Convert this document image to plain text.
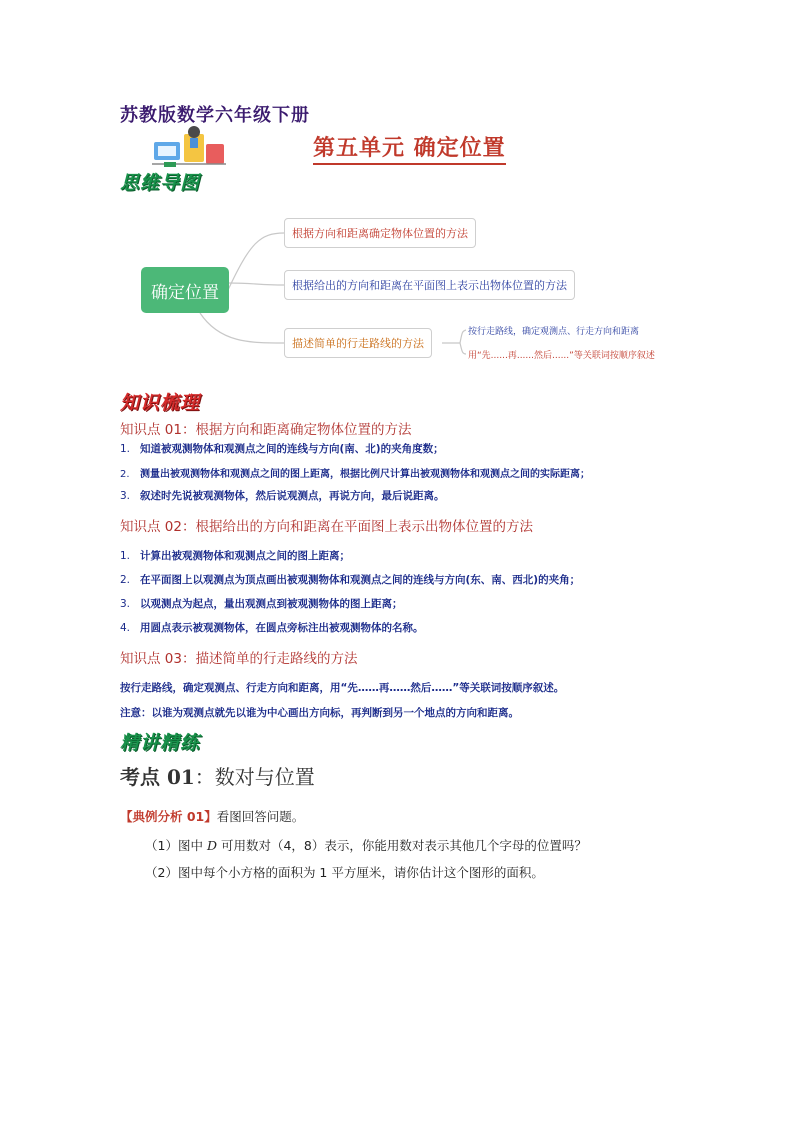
苏教版数学六年级下册
第五单元 确定位置
思维导图
确定位置
根据方向和距离确定物体位置的方法
根据给出的方向和距离在平面图上表示出物体位置的方法
描述简单的行走路线的方法
按行走路线，确定观测点、行走方向和距离
用“先......再......然后......”等关联词按顺序叙述
知识梳理
知识点 01：根据方向和距离确定物体位置的方法
1. 知道被观测物体和观测点之间的连线与方向(南、北)的夹角度数；
2. 测量出被观测物体和观测点之间的图上距离，根据比例尺计算出被观测物体和观测点之间的实际距离；
3. 叙述时先说被观测物体，然后说观测点，再说方向，最后说距离。
知识点 02：根据给出的方向和距离在平面图上表示出物体位置的方法
1. 计算出被观测物体和观测点之间的图上距离；
2. 在平面图上以观测点为顶点画出被观测物体和观测点之间的连线与方向(东、南、西北)的夹角；
3. 以观测点为起点，量出观测点到被观测物体的图上距离；
4. 用圆点表示被观测物体，在圆点旁标注出被观测物体的名称。
知识点 03：描述简单的行走路线的方法
按行走路线，确定观测点、行走方向和距离，用“先……再……然后……”等关联词按顺序叙述。
注意：以谁为观测点就先以谁为中心画出方向标，再判断到另一个地点的方向和距离。
精讲精练
考点 01：数对与位置
【典例分析 01】看图回答问题。
（1）图中 D 可用数对（4，8）表示，你能用数对表示其他几个字母的位置吗？
（2）图中每个小方格的面积为 1 平方厘米，请你估计这个图形的面积。
